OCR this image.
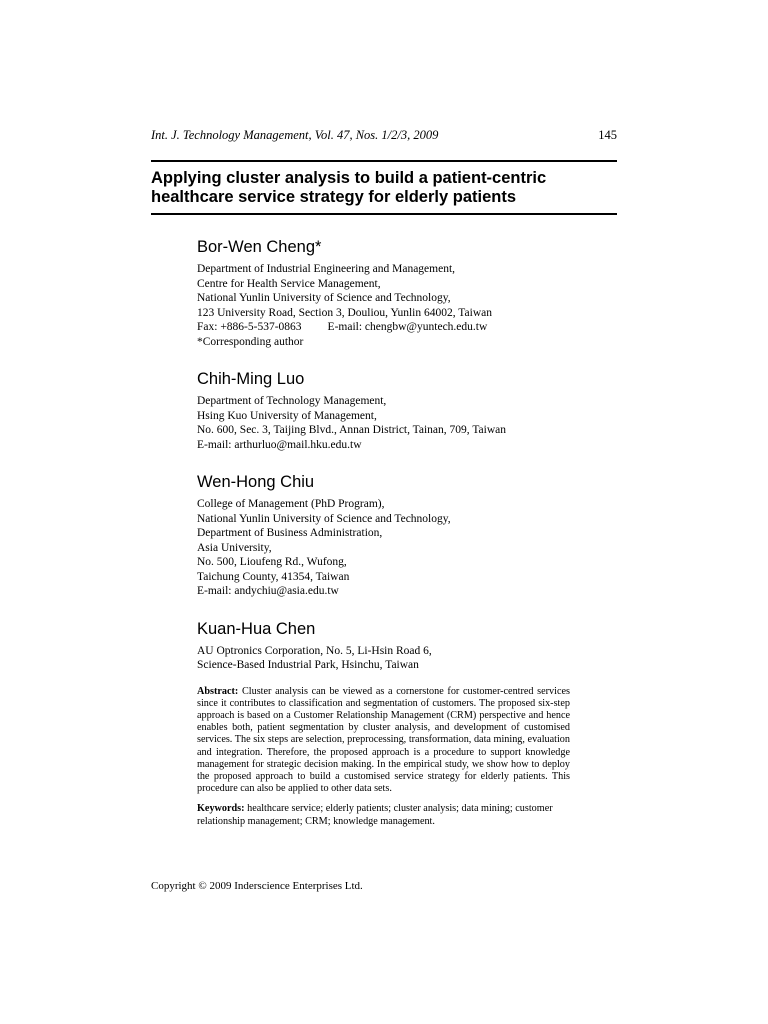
Int. J. Technology Management, Vol. 47, Nos. 1/2/3, 2009	145
Applying cluster analysis to build a patient-centric
healthcare service strategy for elderly patients
Bor-Wen Cheng*
Department of Industrial Engineering and Management,
Centre for Health Service Management,
National Yunlin University of Science and Technology,
123 University Road, Section 3, Douliou, Yunlin 64002, Taiwan
Fax: +886-5-537-0863 E-mail: chengbw@yuntech.edu.tw
*Corresponding author
Chih-Ming Luo
Department of Technology Management,
Hsing Kuo University of Management,
No. 600, Sec. 3, Taijing Blvd., Annan District, Tainan, 709, Taiwan
E-mail: arthurluo@mail.hku.edu.tw
Wen-Hong Chiu
College of Management (PhD Program),
National Yunlin University of Science and Technology,
Department of Business Administration,
Asia University,
No. 500, Lioufeng Rd., Wufong,
Taichung County, 41354, Taiwan
E-mail: andychiu@asia.edu.tw
Kuan-Hua Chen
AU Optronics Corporation, No. 5, Li-Hsin Road 6,
Science-Based Industrial Park, Hsinchu, Taiwan
Abstract: Cluster analysis can be viewed as a cornerstone for customer-centred services since it contributes to classification and segmentation of customers. The proposed six-step approach is based on a Customer Relationship Management (CRM) perspective and hence enables both, patient segmentation by cluster analysis, and development of customised services. The six steps are selection, preprocessing, transformation, data mining, evaluation and integration. Therefore, the proposed approach is a procedure to support knowledge management for strategic decision making. In the empirical study, we show how to deploy the proposed approach to build a customised service strategy for elderly patients. This procedure can also be applied to other data sets.
Keywords: healthcare service; elderly patients; cluster analysis; data mining; customer relationship management; CRM; knowledge management.
Copyright © 2009 Inderscience Enterprises Ltd.
